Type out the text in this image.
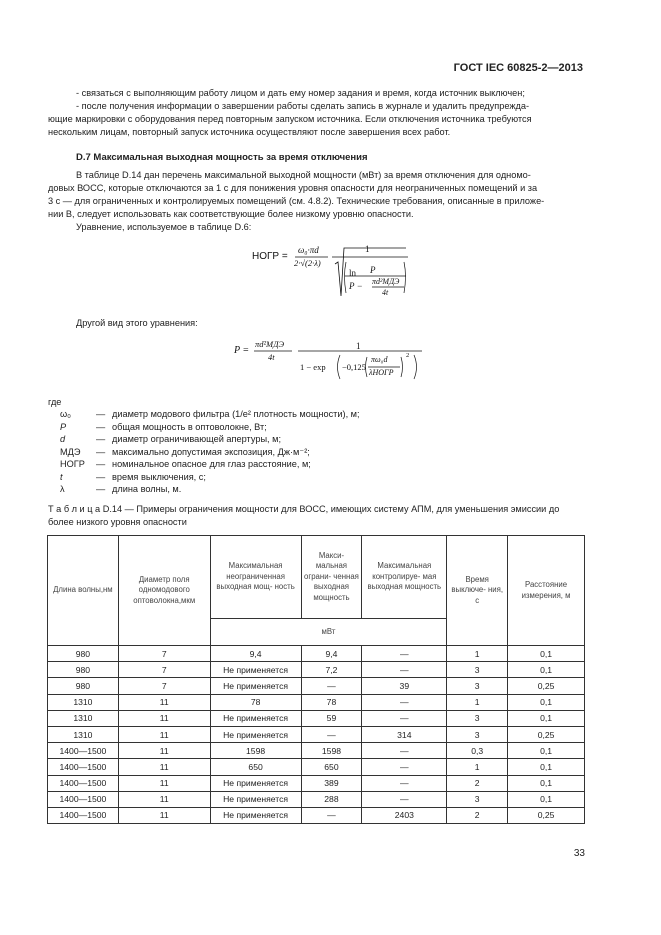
ГОСТ IEC 60825-2—2013
- связаться с выполняющим работу лицом и дать ему номер задания и время, когда источник выключен;
- после получения информации о завершении работы сделать запись в журнале и удалить предупрежда-
ющие маркировки с оборудования перед повторным запуском источника. Если отключения источника требуются
нескольким лицам, повторный запуск источника осуществляют после завершения всех работ.
D.7 Максимальная выходная мощность за время отключения
В таблице D.14 дан перечень максимальной выходной мощности (мВт) за время отключения для одномо-
довых ВОСС, которые отключаются за 1 с для понижения уровня опасности для неограниченных помещений и за
3 с — для ограниченных и контролируемых помещений (см. 4.8.2). Технические требования, описанные в приложе-
нии B, следует использовать как соответствующие более низкому уровню опасности.
Уравнение, используемое в таблице D.6:
НОГР =
ω₀·πd
2·√(2·λ)
1
ln P
P − πd²МДЭ
4t
Другой вид этого уравнения:
P =
πd²МДЭ
4t
1
1 − exp −0,125
πω₀d
λНОГР
2
где
ω₀	— диаметр модового фильтра (1/e² плотность мощности), м;
P	— общая мощность в оптоволокне, Вт;
d	— диаметр ограничивающей апертуры, м;
МДЭ — максимально допустимая экспозиция, Дж·м⁻²;
НОГР — номинальное опасное для глаз расстояние, м;
t	— время выключения, с;
λ	— длина волны, м.
Т а б л и ц а D.14 — Примеры ограничения мощности для ВОСС, имеющих систему АПМ, для уменьшения эмиссии до более низкого уровня опасности
Длина волны,нм	Диаметр поля одномодового оптоволокна,мкм	Максимальная неограниченная выходная мощ- ность	Макси- мальная ограни- ченная выходная мощность	Максимальная контролируе- мая выходная мощность	Время выключе- ния, с	Расстояние измерения, м
		мВт				
980	7	9,4	9,4	—	1	0,1
980	7	Не применяется	7,2	—	3	0,1
980	7	Не применяется	—	39	3	0,25
1310	11	78	78	—	1	0,1
1310	11	Не применяется	59	—	3	0,1
1310	11	Не применяется	—	314	3	0,25
1400—1500	11	1598	1598	—	0,3	0,1
1400—1500	11	650	650	—	1	0,1
1400—1500	11	Не применяется	389	—	2	0,1
1400—1500	11	Не применяется	288	—	3	0,1
1400—1500	11	Не применяется	—	2403	2	0,25
33
